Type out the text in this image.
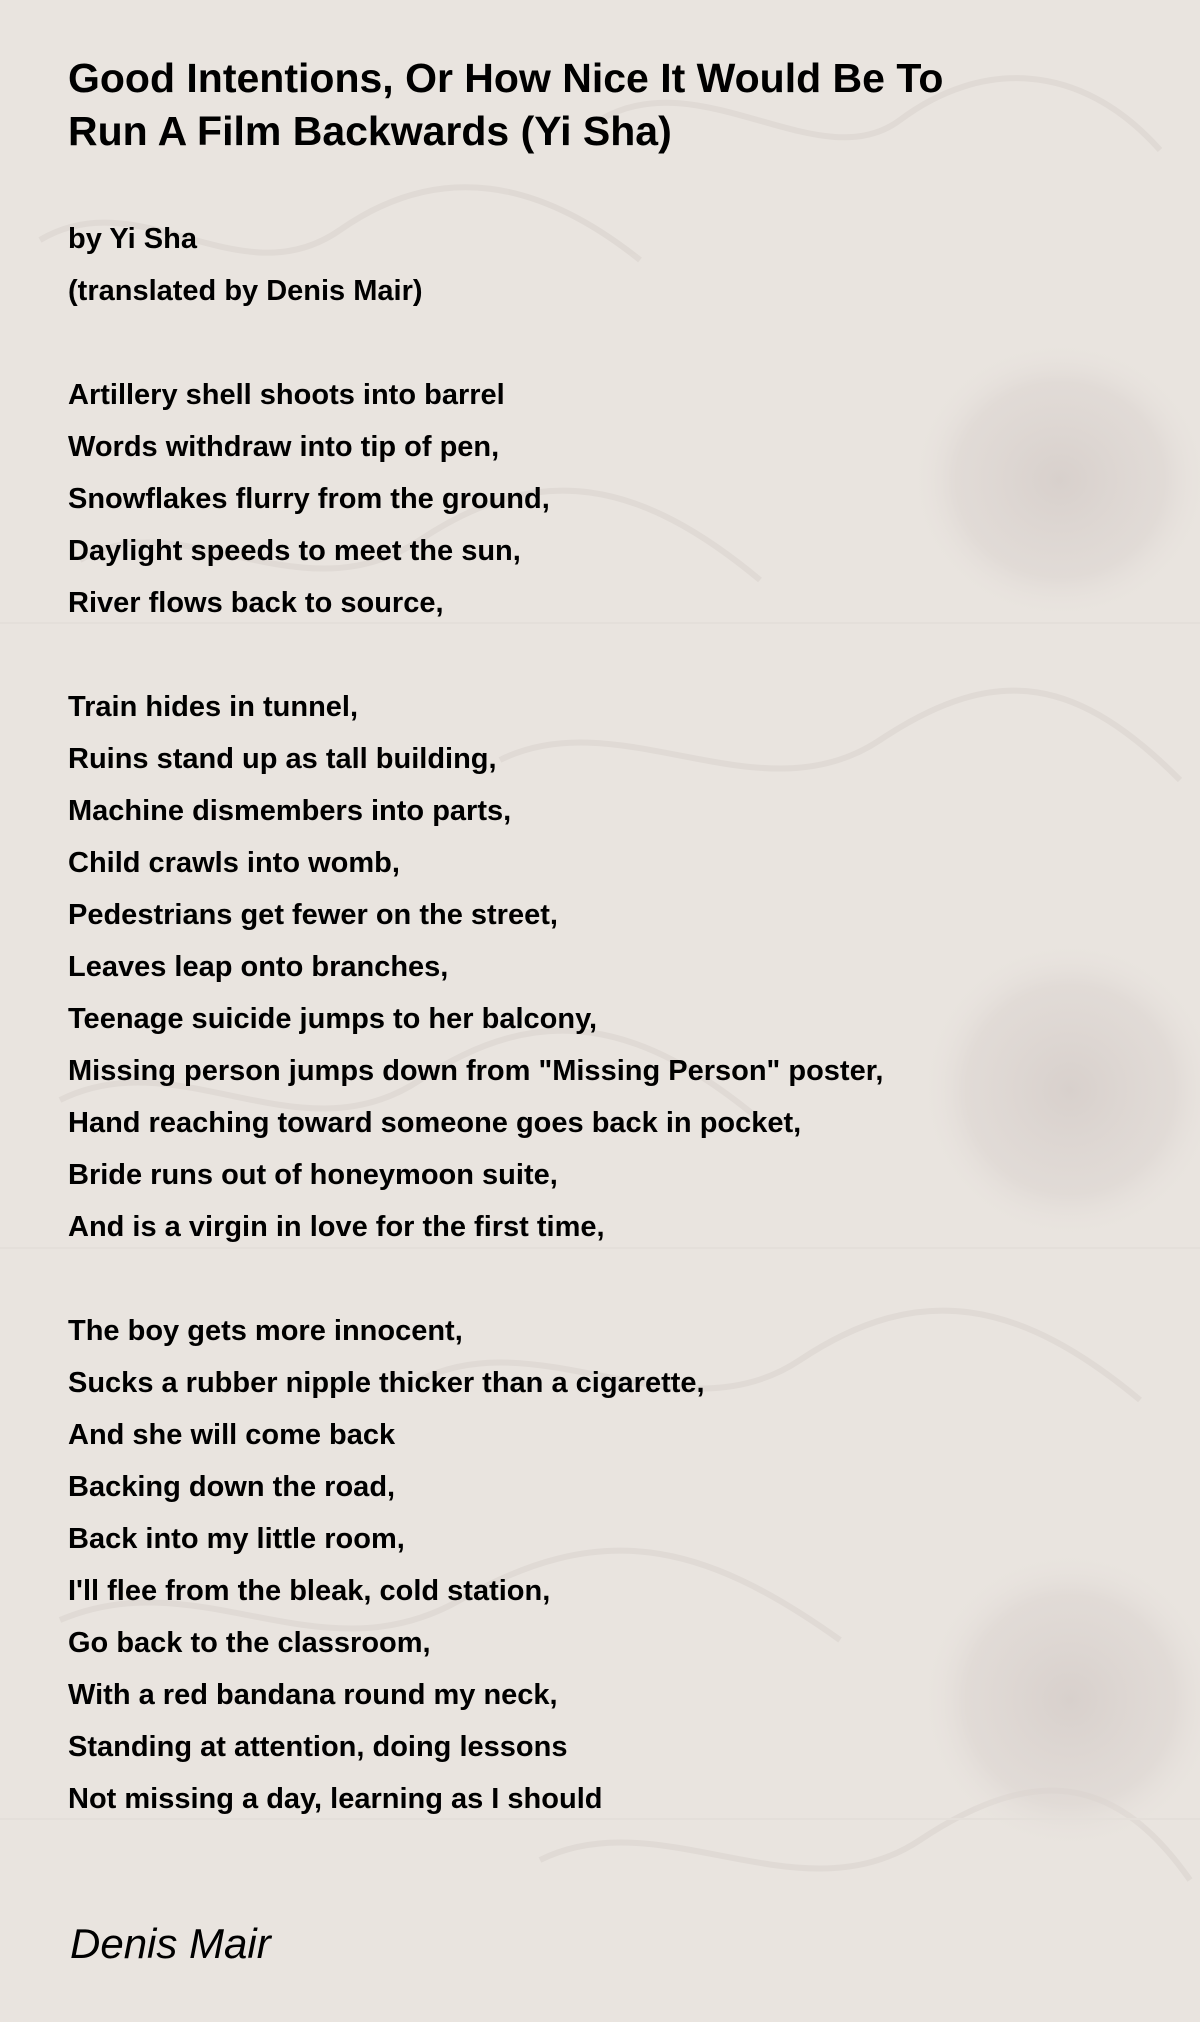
Good Intentions, Or How Nice It Would Be To Run A Film Backwards (Yi Sha)
by Yi Sha
(translated by Denis Mair)
Artillery shell shoots into barrel
Words withdraw into tip of pen,
Snowflakes flurry from the ground,
Daylight speeds to meet the sun,
River flows back to source,
Train hides in tunnel,
Ruins stand up as tall building,
Machine dismembers into parts,
Child crawls into womb,
Pedestrians get fewer on the street,
Leaves leap onto branches,
Teenage suicide jumps to her balcony,
Missing person jumps down from "Missing Person" poster,
Hand reaching toward someone goes back in pocket,
Bride runs out of honeymoon suite,
And is a virgin in love for the first time,
The boy gets more innocent,
Sucks a rubber nipple thicker than a cigarette,
And she will come back
Backing down the road,
Back into my little room,
I'll flee from the bleak, cold station,
Go back to the classroom,
With a red bandana round my neck,
Standing at attention, doing lessons
Not missing a day, learning as I should
Denis Mair
